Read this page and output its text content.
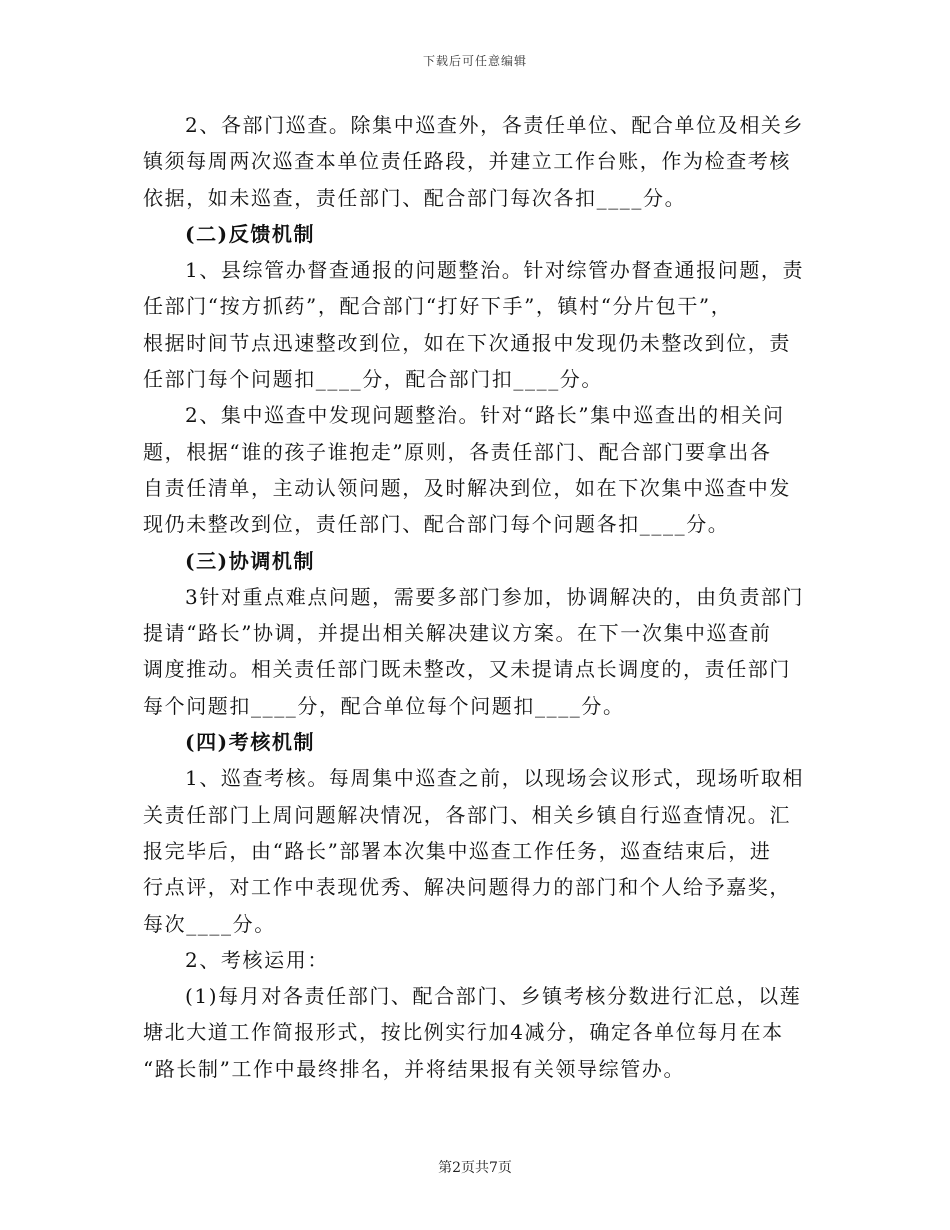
下载后可任意编辑
2、各部门巡查。除集中巡查外，各责任单位、配合单位及相关乡
镇须每周两次巡查本单位责任路段，并建立工作台账，作为检查考核
依据，如未巡查，责任部门、配合部门每次各扣____分。
(二)反馈机制
1、县综管办督查通报的问题整治。针对综管办督查通报问题，责
任部门“按方抓药”，配合部门“打好下手”，镇村“分片包干”，
根据时间节点迅速整改到位，如在下次通报中发现仍未整改到位，责
任部门每个问题扣____分，配合部门扣____分。
2、集中巡查中发现问题整治。针对“路长”集中巡查出的相关问
题，根据“谁的孩子谁抱走”原则，各责任部门、配合部门要拿出各
自责任清单，主动认领问题，及时解决到位，如在下次集中巡查中发
现仍未整改到位，责任部门、配合部门每个问题各扣____分。
(三)协调机制
3针对重点难点问题，需要多部门参加，协调解决的，由负责部门
提请“路长”协调，并提出相关解决建议方案。在下一次集中巡查前
调度推动。相关责任部门既未整改，又未提请点长调度的，责任部门
每个问题扣____分，配合单位每个问题扣____分。
(四)考核机制
1、巡查考核。每周集中巡查之前，以现场会议形式，现场听取相
关责任部门上周问题解决情况，各部门、相关乡镇自行巡查情况。汇
报完毕后，由“路长”部署本次集中巡查工作任务，巡查结束后，进
行点评，对工作中表现优秀、解决问题得力的部门和个人给予嘉奖，
每次____分。
2、考核运用：
(1)每月对各责任部门、配合部门、乡镇考核分数进行汇总，以莲
塘北大道工作简报形式，按比例实行加4减分，确定各单位每月在本
“路长制”工作中最终排名，并将结果报有关领导综管办。
第2页共7页
